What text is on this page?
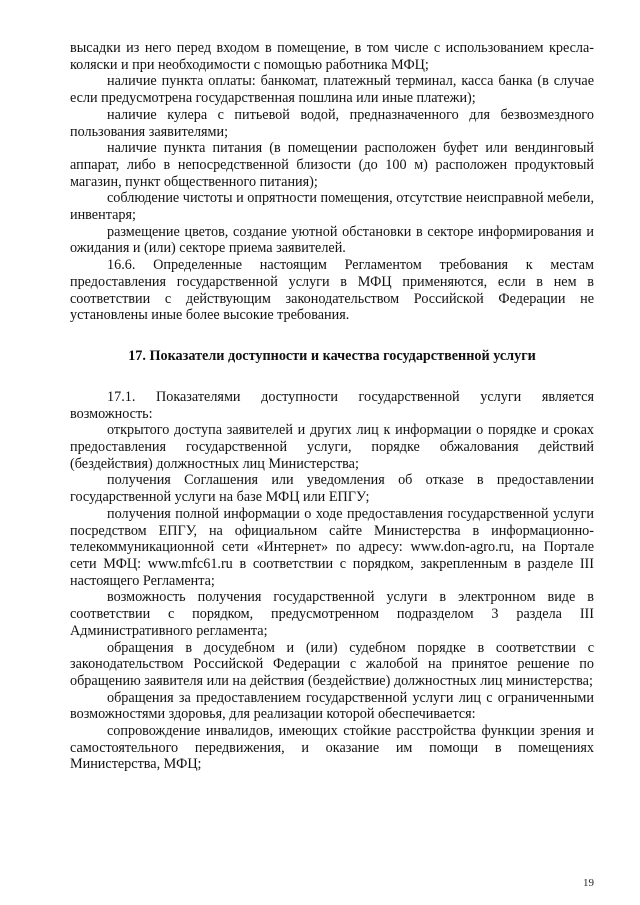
высадки из него перед входом в помещение, в том числе с использованием кресла-коляски и при необходимости с помощью работника МФЦ;

наличие пункта оплаты: банкомат, платежный терминал, касса банка (в случае если предусмотрена государственная пошлина или иные платежи);

наличие кулера с питьевой водой, предназначенного для безвозмездного пользования заявителями;

наличие пункта питания (в помещении расположен буфет или вендинговый аппарат, либо в непосредственной близости (до 100 м) расположен продуктовый магазин, пункт общественного питания);

соблюдение чистоты и опрятности помещения, отсутствие неисправной мебели, инвентаря;

размещение цветов, создание уютной обстановки в секторе информирования и ожидания и (или) секторе приема заявителей.

16.6. Определенные настоящим Регламентом требования к местам предоставления государственной услуги в МФЦ применяются, если в нем в соответствии с действующим законодательством Российской Федерации не установлены иные более высокие требования.

17. Показатели доступности и качества государственной услуги

17.1. Показателями доступности государственной услуги является возможность:

открытого доступа заявителей и других лиц к информации о порядке и сроках предоставления государственной услуги, порядке обжалования действий (бездействия) должностных лиц Министерства;

получения Соглашения или уведомления об отказе в предоставлении государственной услуги на базе МФЦ или ЕПГУ;

получения полной информации о ходе предоставления государственной услуги посредством ЕПГУ, на официальном сайте Министерства в информационно-телекоммуникационной сети «Интернет» по адресу: www.don-agro.ru, на Портале сети МФЦ: www.mfc61.ru в соответствии с порядком, закрепленным в разделе III настоящего Регламента;

возможность получения государственной услуги в электронном виде в соответствии с порядком, предусмотренном подразделом 3 раздела III Административного регламента;

обращения в досудебном и (или) судебном порядке в соответствии с законодательством Российской Федерации с жалобой на принятое решение по обращению заявителя или на действия (бездействие) должностных лиц министерства;

обращения за предоставлением государственной услуги лиц с ограниченными возможностями здоровья, для реализации которой обеспечивается:

сопровождение инвалидов, имеющих стойкие расстройства функции зрения и самостоятельного передвижения, и оказание им помощи в помещениях Министерства, МФЦ;

19
